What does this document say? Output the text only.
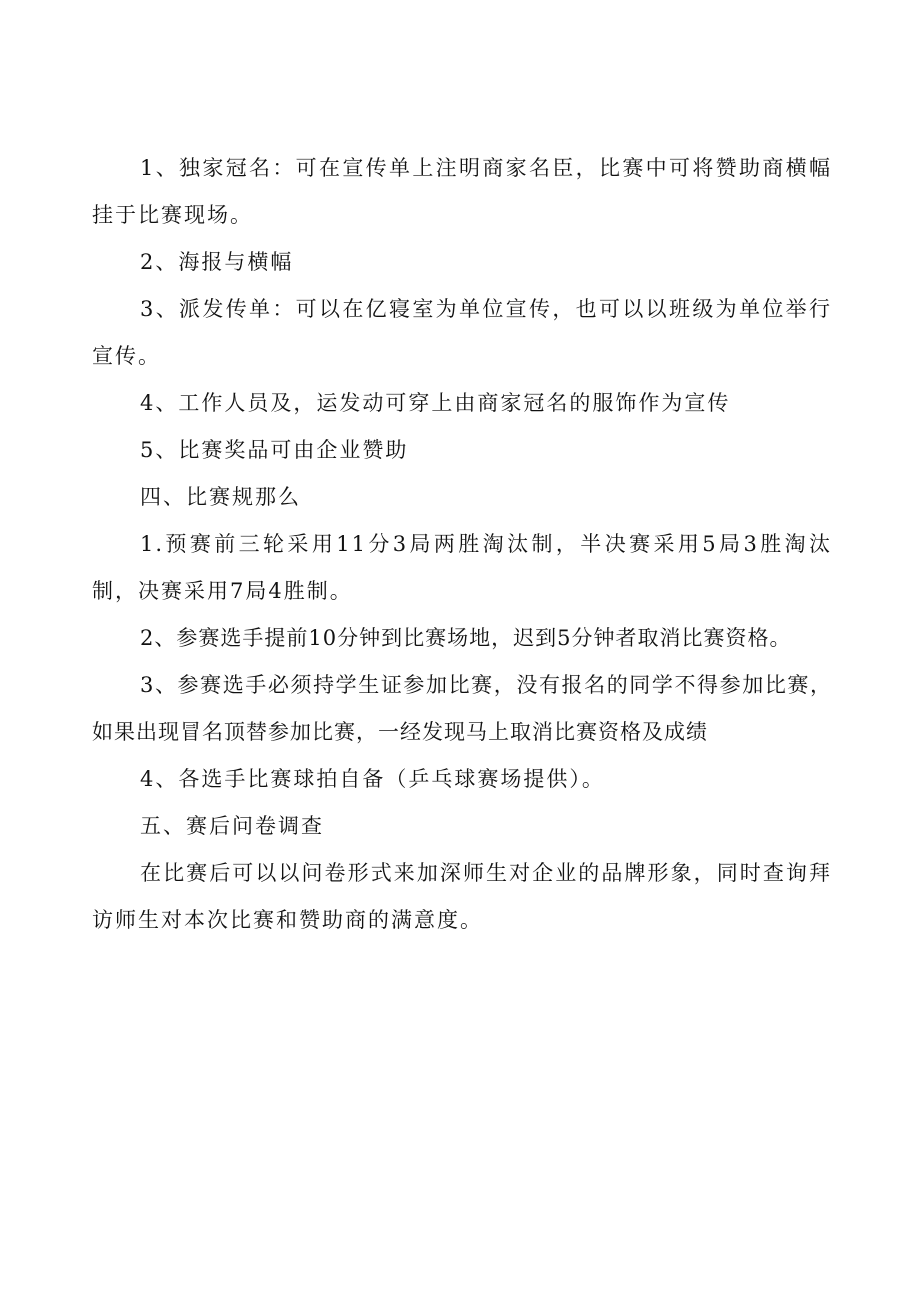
1、独家冠名：可在宣传单上注明商家名臣，比赛中可将赞助商横幅挂于比赛现场。

2、海报与横幅

3、派发传单：可以在亿寝室为单位宣传，也可以以班级为单位举行宣传。

4、工作人员及，运发动可穿上由商家冠名的服饰作为宣传

5、比赛奖品可由企业赞助

四、比赛规那么

1.预赛前三轮采用11分3局两胜淘汰制，半决赛采用5局3胜淘汰制，决赛采用7局4胜制。

2、参赛选手提前10分钟到比赛场地，迟到5分钟者取消比赛资格。

3、参赛选手必须持学生证参加比赛，没有报名的同学不得参加比赛，如果出现冒名顶替参加比赛，一经发现马上取消比赛资格及成绩

4、各选手比赛球拍自备（乒乓球赛场提供）。

五、赛后问卷调查

在比赛后可以以问卷形式来加深师生对企业的品牌形象，同时查询拜访师生对本次比赛和赞助商的满意度。
